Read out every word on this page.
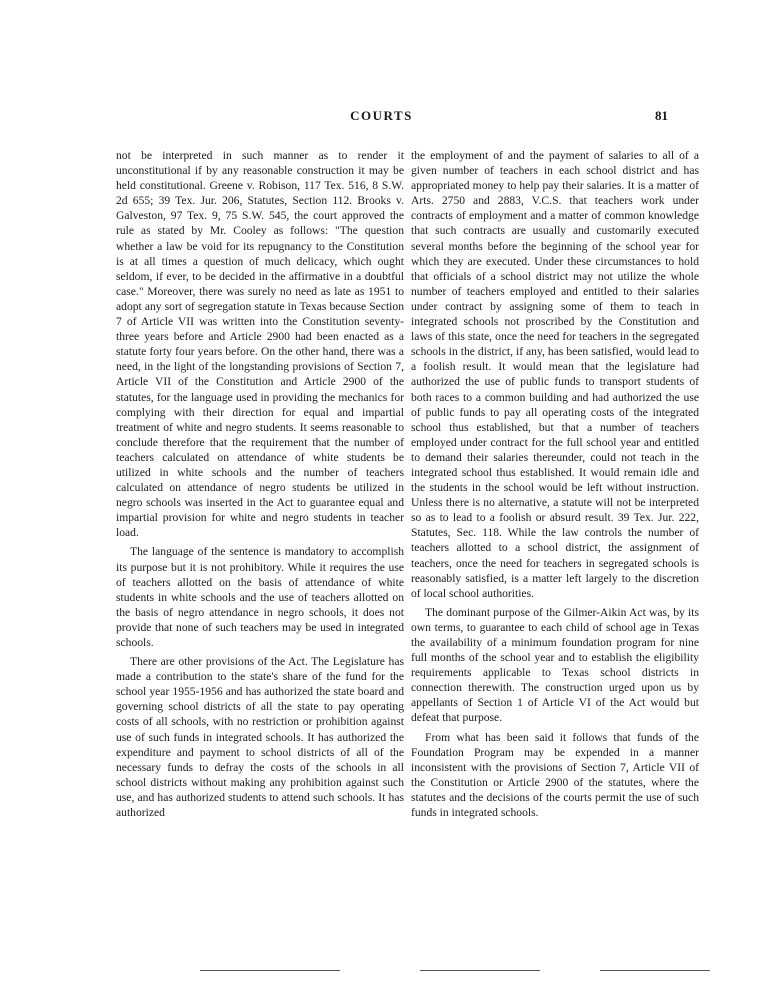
COURTS	81

not be interpreted in such manner as to render it unconstitutional if by any reasonable construction it may be held constitutional. Greene v. Robison, 117 Tex. 516, 8 S.W. 2d 655; 39 Tex. Jur. 206, Statutes, Section 112. Brooks v. Galveston, 97 Tex. 9, 75 S.W. 545, the court approved the rule as stated by Mr. Cooley as follows: "The question whether a law be void for its repugnancy to the Constitution is at all times a question of much delicacy, which ought seldom, if ever, to be decided in the affirmative in a doubtful case." Moreover, there was surely no need as late as 1951 to adopt any sort of segregation statute in Texas because Section 7 of Article VII was written into the Constitution seventy-three years before and Article 2900 had been enacted as a statute forty four years before. On the other hand, there was a need, in the light of the longstanding provisions of Section 7, Article VII of the Constitution and Article 2900 of the statutes, for the language used in providing the mechanics for complying with their direction for equal and impartial treatment of white and negro students. It seems reasonable to conclude therefore that the requirement that the number of teachers calculated on attendance of white students be utilized in white schools and the number of teachers calculated on attendance of negro students be utilized in negro schools was inserted in the Act to guarantee equal and impartial provision for white and negro students in teacher load.

The language of the sentence is mandatory to accomplish its purpose but it is not prohibitory. While it requires the use of teachers allotted on the basis of attendance of white students in white schools and the use of teachers allotted on the basis of negro attendance in negro schools, it does not provide that none of such teachers may be used in integrated schools.

There are other provisions of the Act. The Legislature has made a contribution to the state's share of the fund for the school year 1955-1956 and has authorized the state board and governing school districts of all the state to pay operating costs of all schools, with no restriction or prohibition against use of such funds in integrated schools. It has authorized the expenditure and payment to school districts of all of the necessary funds to defray the costs of the schools in all school districts without making any prohibition against such use, and has authorized students to attend such schools. It has authorized

the employment of and the payment of salaries to all of a given number of teachers in each school district and has appropriated money to help pay their salaries. It is a matter of Arts. 2750 and 2883, V.C.S. that teachers work under contracts of employment and a matter of common knowledge that such contracts are usually and customarily executed several months before the beginning of the school year for which they are executed. Under these circumstances to hold that officials of a school district may not utilize the whole number of teachers employed and entitled to their salaries under contract by assigning some of them to teach in integrated schools not proscribed by the Constitution and laws of this state, once the need for teachers in the segregated schools in the district, if any, has been satisfied, would lead to a foolish result. It would mean that the legislature had authorized the use of public funds to transport students of both races to a common building and had authorized the use of public funds to pay all operating costs of the integrated school thus established, but that a number of teachers employed under contract for the full school year and entitled to demand their salaries thereunder, could not teach in the integrated school thus established. It would remain idle and the students in the school would be left without instruction. Unless there is no alternative, a statute will not be interpreted so as to lead to a foolish or absurd result. 39 Tex. Jur. 222, Statutes, Sec. 118. While the law controls the number of teachers allotted to a school district, the assignment of teachers, once the need for teachers in segregated schools is reasonably satisfied, is a matter left largely to the discretion of local school authorities.

The dominant purpose of the Gilmer-Aikin Act was, by its own terms, to guarantee to each child of school age in Texas the availability of a minimum foundation program for nine full months of the school year and to establish the eligibility requirements applicable to Texas school districts in connection therewith. The construction urged upon us by appellants of Section 1 of Article VI of the Act would but defeat that purpose.

From what has been said it follows that funds of the Foundation Program may be expended in a manner inconsistent with the provisions of Section 7, Article VII of the Constitution or Article 2900 of the statutes, where the statutes and the decisions of the courts permit the use of such funds in integrated schools.
